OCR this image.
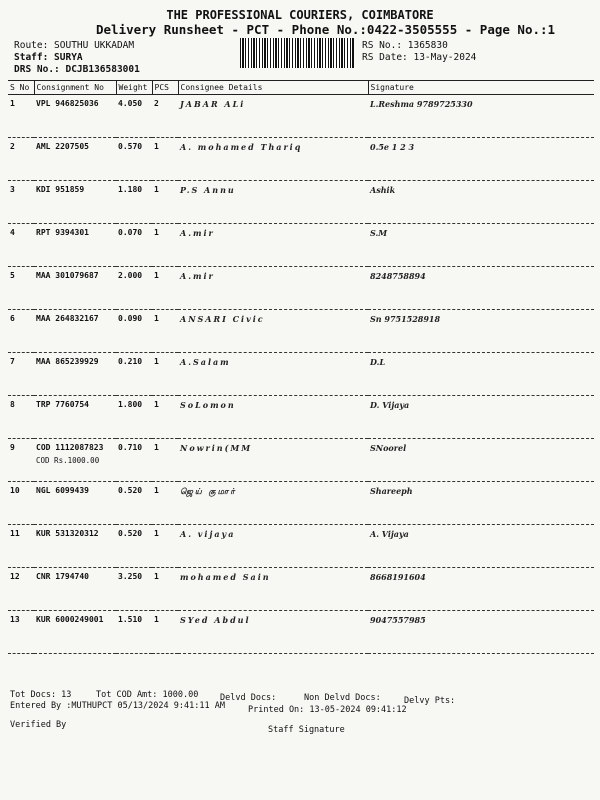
THE PROFESSIONAL COURIERS, COIMBATORE
Delivery Runsheet - PCT - Phone No.:0422-3505555 - Page No.:1
Route: SOUTHU UKKADAM
Staff: SURYA
DRS No.: DCJB136583001
RS No.: 1365830
RS Date: 13-May-2024
S No	Consignment No	Weight	PCS	Consignee Details	Signature
1	VPL 946825036	4.050	2	JABAR ALi	L.Reshma 9789725330
2	AML 2207505	0.570	1	A. mohamed Thariq	0.5e 1 2 3
3	KDI 951859	1.180	1	P.S Annu	Ashik
4	RPT 9394301	0.070	1	A.mir	S.M
5	MAA 301079687	2.000	1	A.mir	8248758894
6	MAA 264832167	0.090	1	ANSARI Civic	Sn 9751528918
7	MAA 865239929	0.210	1	A.Salam	D.L
8	TRP 7760754	1.800	1	SoLomon	D. Vijaya
9	COD 1112087823
COD Rs.1000.00	0.710	1	Nowrin(MM	SNoorel
10	NGL 6099439	0.520	1	ஜெய் குமார்	Shareeph
11	KUR 531320312	0.520	1	A. vijaya	A. Vijaya
12	CNR 1794740	3.250	1	mohamed Sain	8668191604
13	KUR 6000249001	1.510	1	SYed Abdul	9047557985
Tot Docs: 13	Tot COD Amt: 1000.00	Delvd Docs:	Non Delvd Docs:	Delvy Pts:
Entered By :MUTHUPCT 05/13/2024 9:41:11 AM	Printed On: 13-05-2024 09:41:12
Verified By	Staff Signature
